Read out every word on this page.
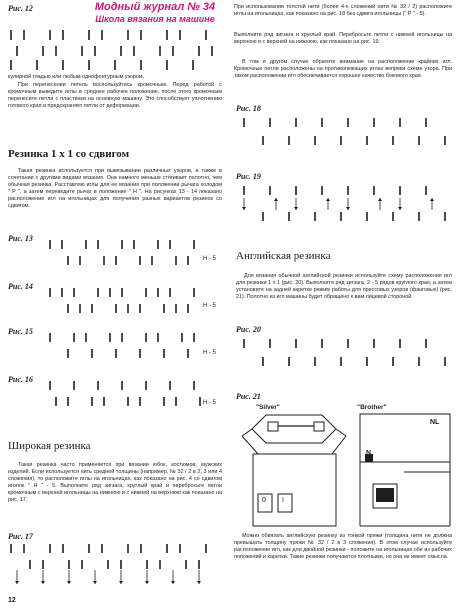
Рис. 12	Модный журнал № 34
Школа вязания на машине
кулирной гладью или любым однофонтурным узором.
При перенесении петель воспользуйтесь кромочным. Перед работой с кромочным выведите иглы в среднее рабочее положение, после этого кромочным перенесите петли с пластинки на основную машину. Это способствует уплотнению готового края и предохраняет петли от деформации.
Резинка 1 х 1 со сдвигом
Такая резинка используется при вывязывании различных узоров, а также в сочетании с другими видами вязания. Она намного меньше стягивает полотно, чем обычная резинка. Расставляю иглы для ее вязания при положении рычага холодом " Р ", а затем переведите рычаг в положение " Н ". На рисунках 13 - 14 показано расположение игл на игольницах для получения разных вариантов резинок со сдвигом.
Рис. 13
Н - 5
Рис. 14
Н - 5
Рис. 15
Н - 5
Рис. 16
Н - 5
Широкая резинка
Такая резинка часто применяется при вязании юбок, костюмов, мужских изделий. Если используется нить средней толщины (например, № 32 / 2 в 2, 3 или 4 сложения), то расположите иглы на игольницах, как показано на рис. 4 со сдвигом иголок " Н " - 5. Выполните ряд зигзага, круглый край и перебросьте петли кромочным с верхней игольницы на нижнюю и с нижней на верхнюю как показано на рис. 17.
Рис. 17
12
При использовании толстой нити (более 4-х сложений нити № 32 / 2) расположите иглы на игольницах, как показано на рис. 18 без сдвига игольницы (" Р " - 5).
Выполните ряд зигзага и круглый край. Перебросьте петли с нижней игольницы на верхнюю и с верхней на нижнюю, как показано на рис. 19.
В том и другом случае обратите внимание на расположение крайних игл. Кромочные петли расположены на противолежащих иглах вопреки схеме узора. При таком расположении игл обеспечивается хорошее качество бокового края.
Рис. 18
Рис. 19
Английская резинка
Для вязания обычной английской резинки используйте схему расположения игл для резинки 1 х 1 (рис. 20). Выполните ряд зигзага, 2 - 5 рядов круглого края, а затем установите на задней каретке режим работы для прессовых узоров (фанговых) (рис. 21). Полотно из игл машины будет обращено к вам лицевой стороной.
Рис. 20
Рис. 21
"Silver"	"Brother"
0 I
NL
N
Можно обвязать английскую резинку из тонкой пряжи (толщина нити не должна превышать толщину пряжи № 32 / 2 в 3 сложения). В этом случае используйте расположение игл, как для двойной резинки - положите на игольницах обе из рабочих положений и каретки. Такие резинки получаются плотными, но она не имеет смысла.
